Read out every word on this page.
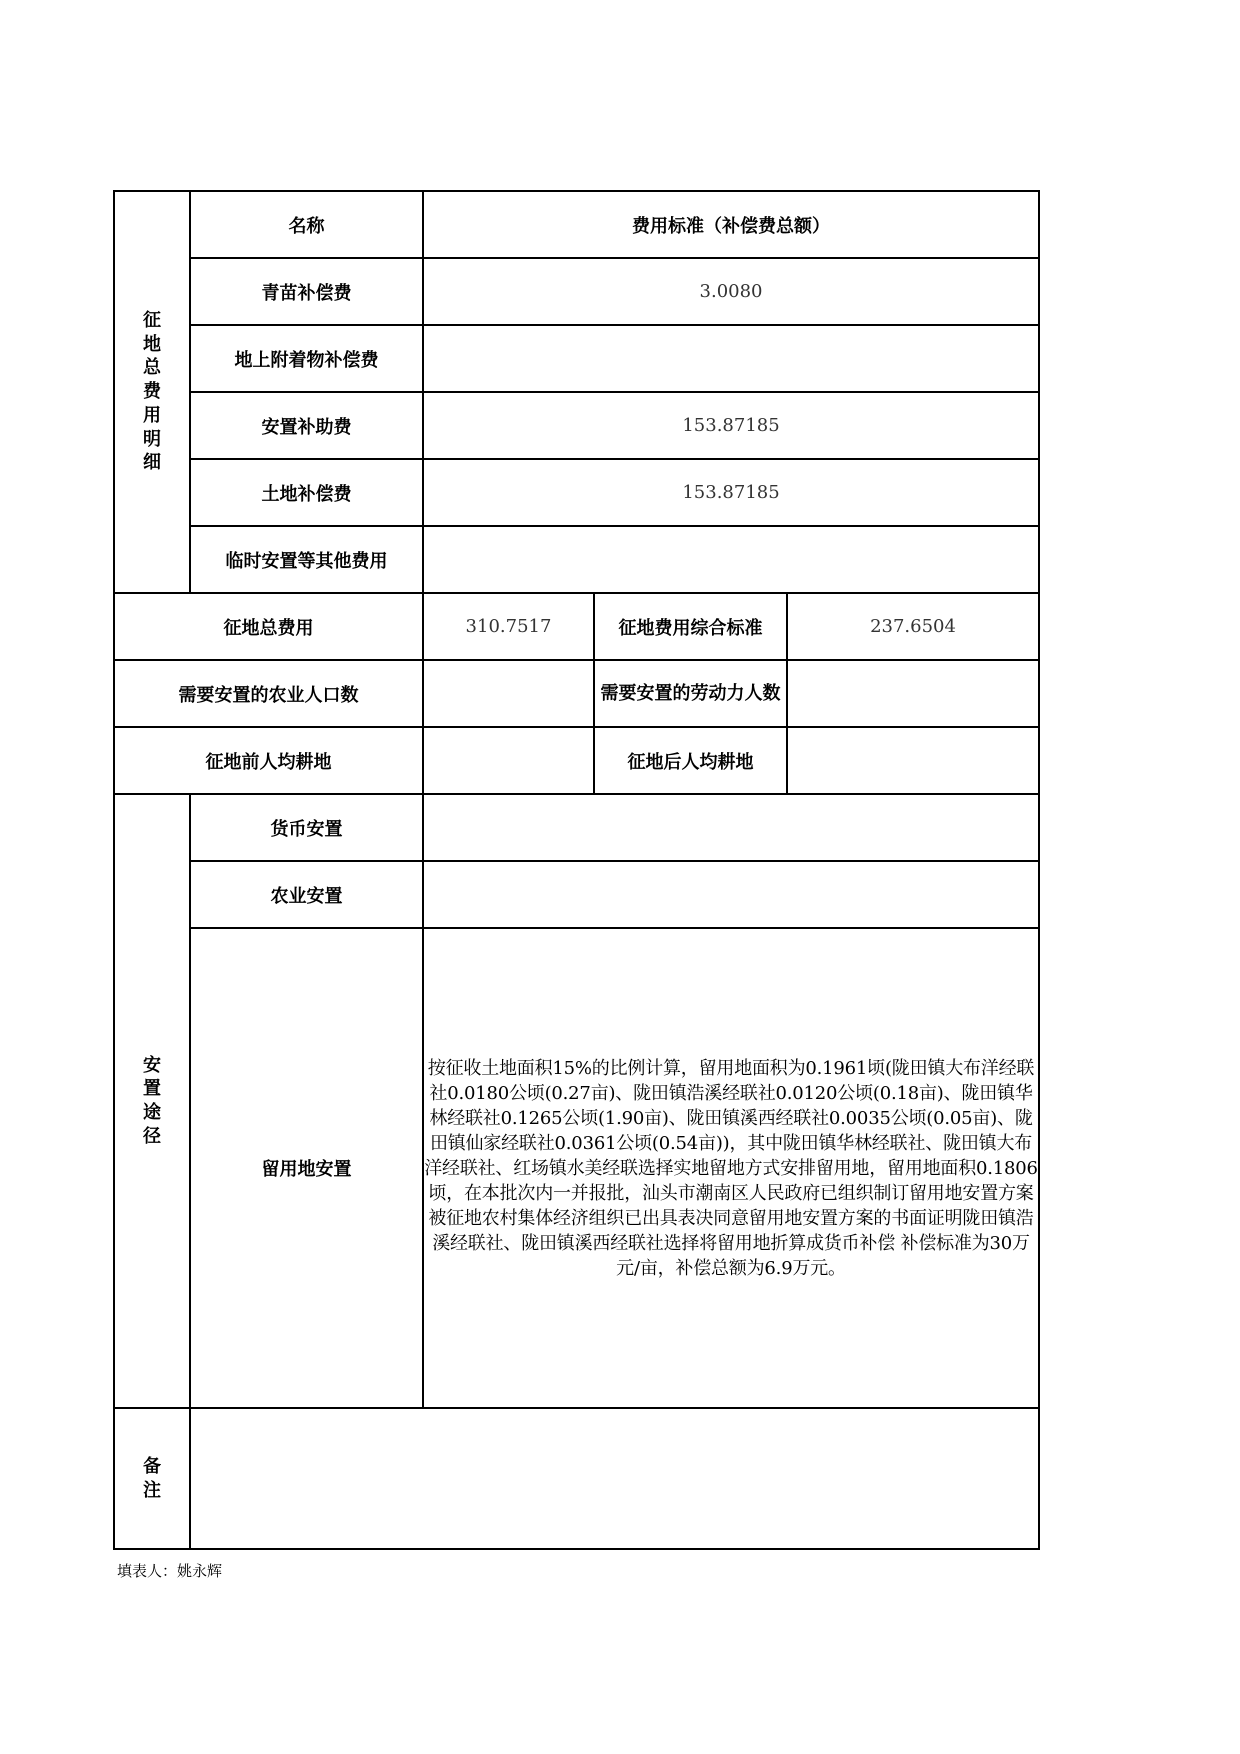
征地总费用明细	名称	费用标准（补偿费总额）		
	青苗补偿费	3.0080		
	地上附着物补偿费			
	安置补助费	153.87185		
	土地补偿费	153.87185		
	临时安置等其他费用			
征地总费用		310.7517	征地费用综合标准	237.6504
需要安置的农业人口数			需要安置的劳动力人数	

征地前人均耕地			征地后人均耕地	

安置途径	货币安置			
	农业安置			
	留用地安置	按征收土地面积15%的比例计算，留用地面积为0.1961顷(陇田镇大布洋经联社0.0180公顷(0.27亩)、陇田镇浩溪经联社0.0120公顷(0.18亩)、陇田镇华林经联社0.1265公顷(1.90亩)、陇田镇溪西经联社0.0035公顷(0.05亩)、陇田镇仙家经联社0.0361公顷(0.54亩))，其中陇田镇华林经联社、陇田镇大布洋经联社、红场镇水美经联选择实地留地方式安排留用地，留用地面积0.1806顷，在本批次内一并报批，汕头市潮南区人民政府已组织制订留用地安置方案 被征地农村集体经济组织已出具表决同意留用地安置方案的书面证明陇田镇浩溪经联社、陇田镇溪西经联社选择将留用地折算成货币补偿 补偿标准为30万元/亩，补偿总额为6.9万元。		

备注				

填表人：姚永辉
